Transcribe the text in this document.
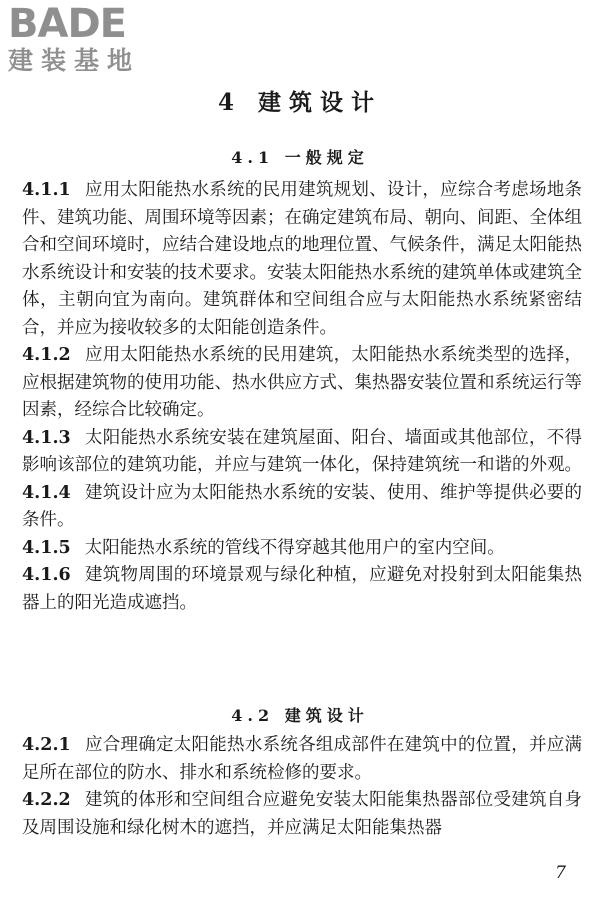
BADE
建装基地
4 建筑设计
4.1 一般规定

4.1.1 应用太阳能热水系统的民用建筑规划、设计，应综合考虑场地条件、建筑功能、周围环境等因素；在确定建筑布局、朝向、间距、全体组合和空间环境时，应结合建设地点的地理位置、气候条件，满足太阳能热水系统设计和安装的技术要求。安装太阳能热水系统的建筑单体或建筑全体，主朝向宜为南向。建筑群体和空间组合应与太阳能热水系统紧密结合，并应为接收较多的太阳能创造条件。

4.1.2 应用太阳能热水系统的民用建筑，太阳能热水系统类型的选择，应根据建筑物的使用功能、热水供应方式、集热器安装位置和系统运行等因素，经综合比较确定。

4.1.3 太阳能热水系统安装在建筑屋面、阳台、墙面或其他部位，不得影响该部位的建筑功能，并应与建筑一体化，保持建筑统一和谐的外观。

4.1.4 建筑设计应为太阳能热水系统的安装、使用、维护等提供必要的条件。

4.1.5 太阳能热水系统的管线不得穿越其他用户的室内空间。

4.1.6 建筑物周围的环境景观与绿化种植，应避免对投射到太阳能集热器上的阳光造成遮挡。

4.2 建筑设计

4.2.1 应合理确定太阳能热水系统各组成部件在建筑中的位置，并应满足所在部位的防水、排水和系统检修的要求。

4.2.2 建筑的体形和空间组合应避免安装太阳能集热器部位受建筑自身及周围设施和绿化树木的遮挡，并应满足太阳能集热器

7
